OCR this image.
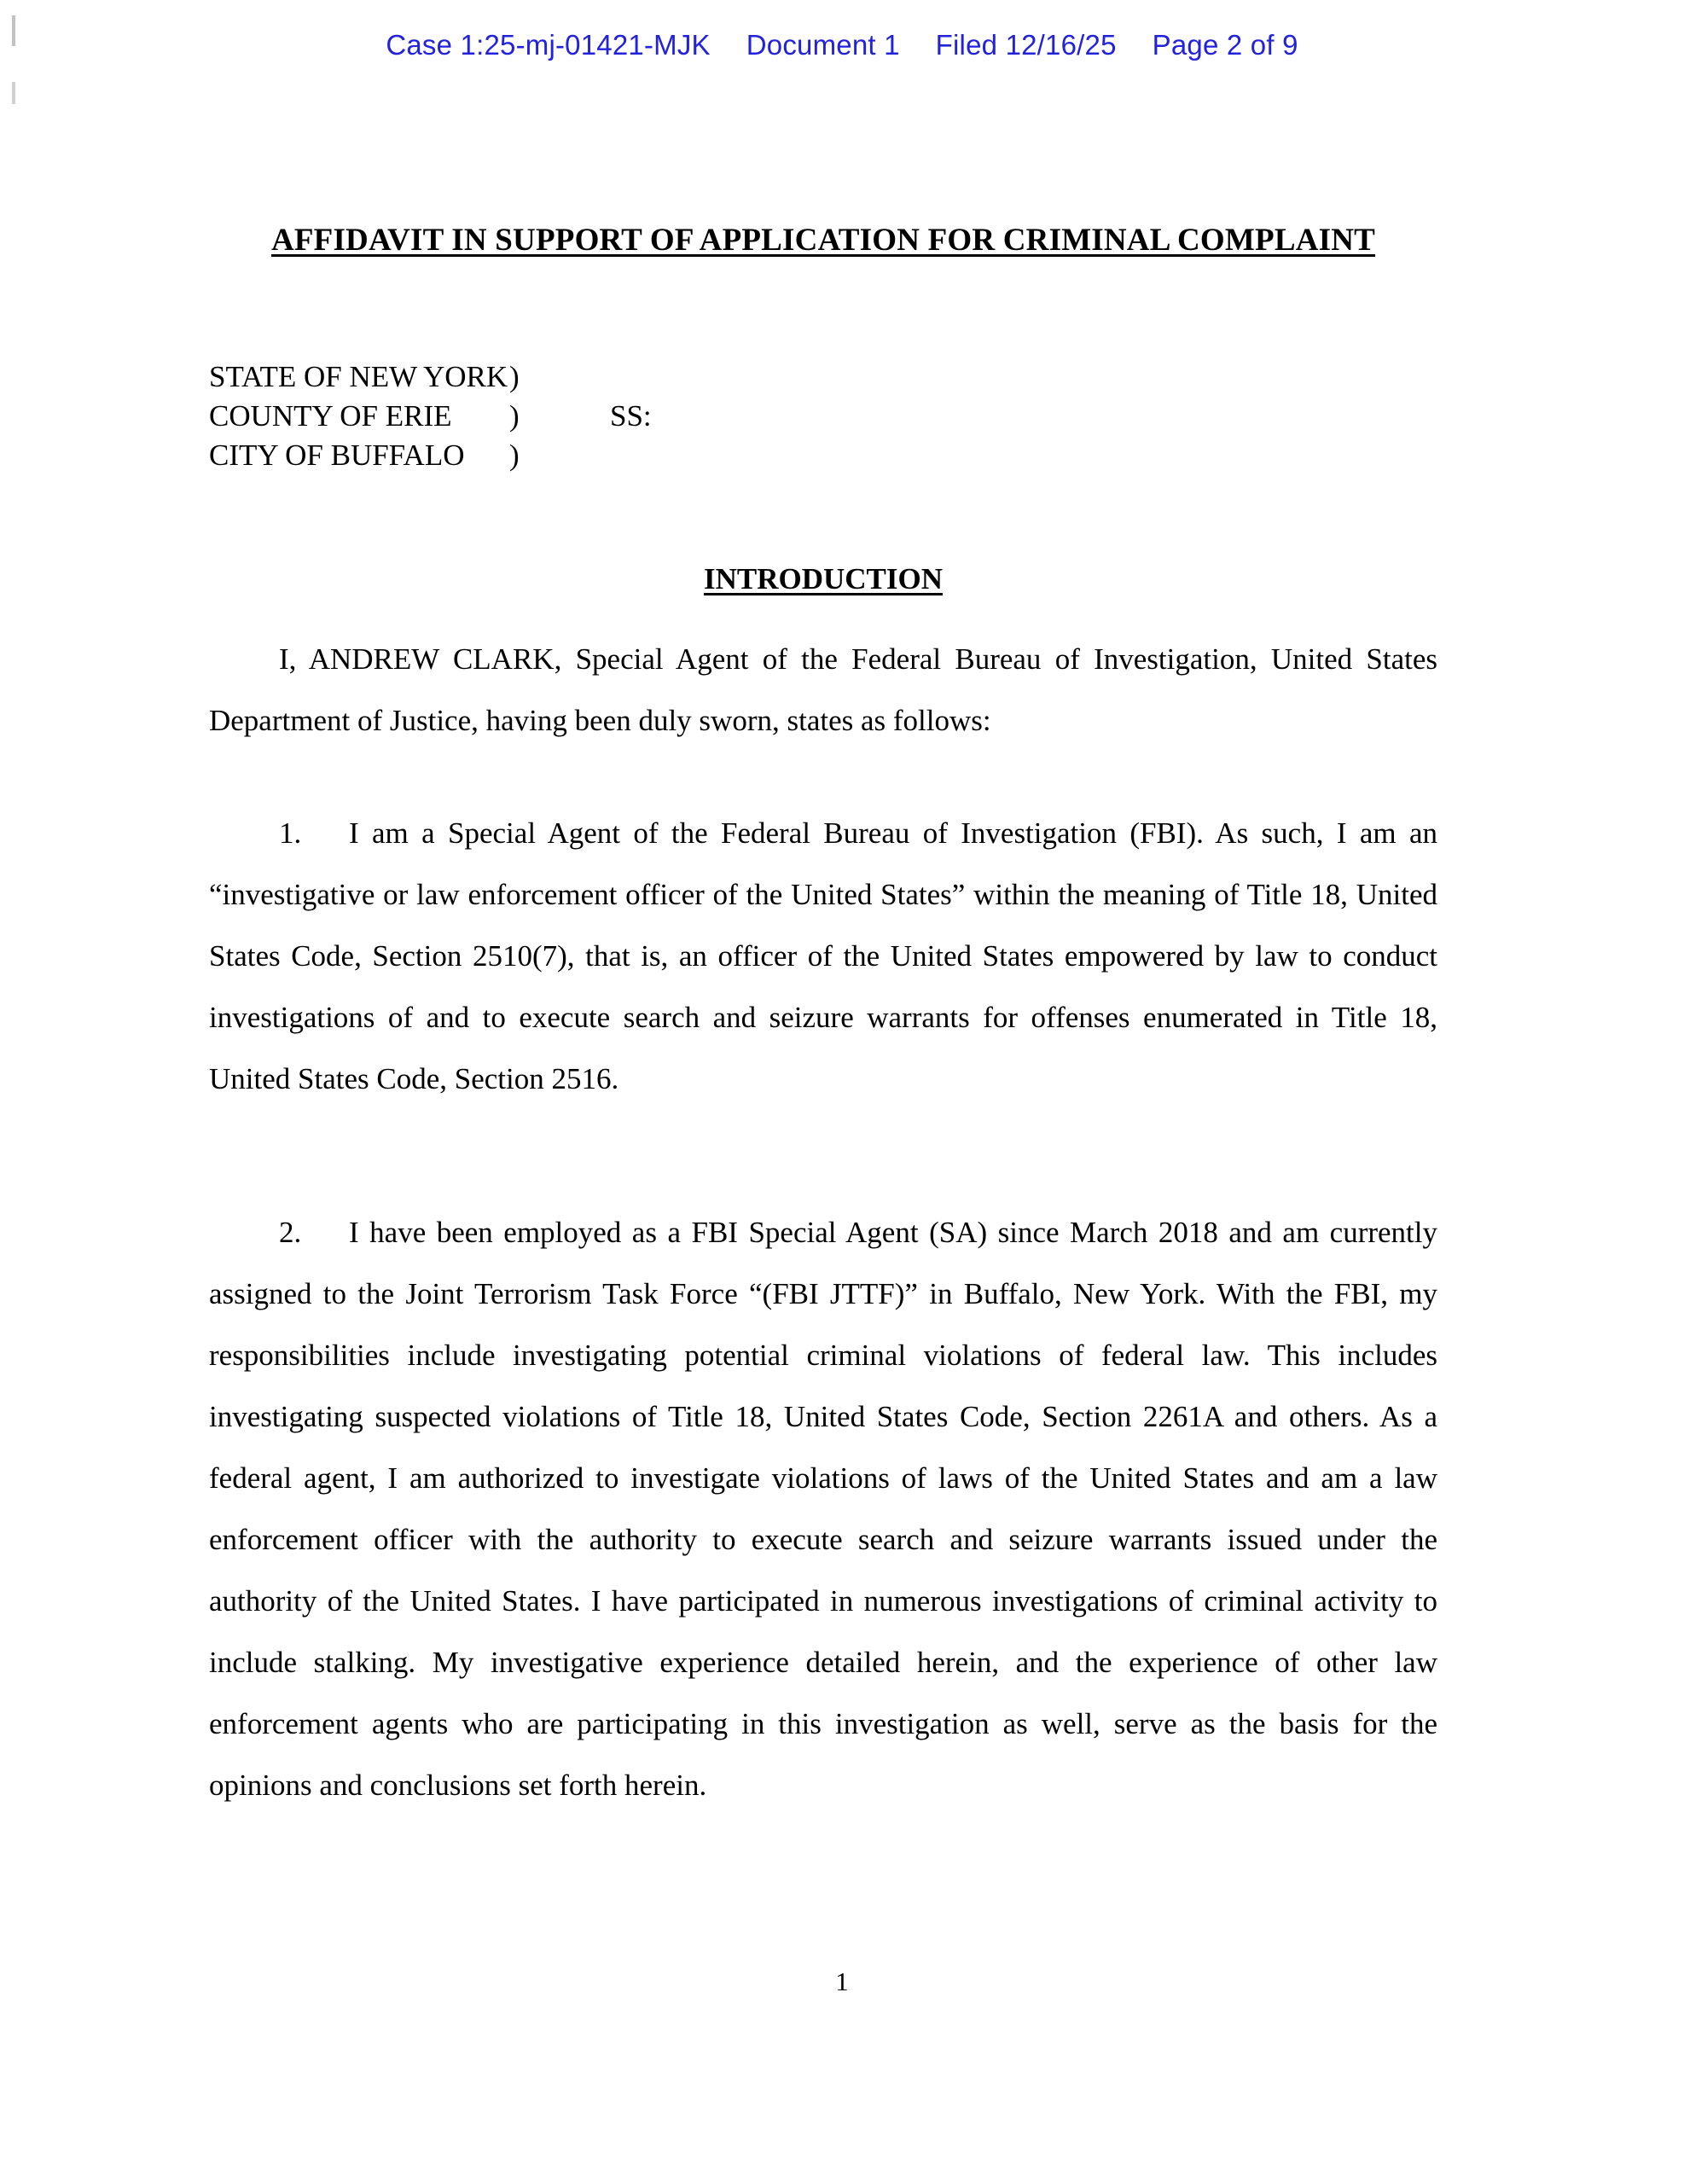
Case 1:25-mj-01421-MJK Document 1 Filed 12/16/25 Page 2 of 9
AFFIDAVIT IN SUPPORT OF APPLICATION FOR CRIMINAL COMPLAINT
STATE OF NEW YORK )
COUNTY OF ERIE	)	SS:
CITY OF BUFFALO	)
INTRODUCTION

I, ANDREW CLARK, Special Agent of the Federal Bureau of Investigation, United States Department of Justice, having been duly sworn, states as follows:

1. I am a Special Agent of the Federal Bureau of Investigation (FBI). As such, I am an “investigative or law enforcement officer of the United States” within the meaning of Title 18, United States Code, Section 2510(7), that is, an officer of the United States empowered by law to conduct investigations of and to execute search and seizure warrants for offenses enumerated in Title 18, United States Code, Section 2516.

2. I have been employed as a FBI Special Agent (SA) since March 2018 and am currently assigned to the Joint Terrorism Task Force “(FBI JTTF)” in Buffalo, New York. With the FBI, my responsibilities include investigating potential criminal violations of federal law. This includes investigating suspected violations of Title 18, United States Code, Section 2261A and others. As a federal agent, I am authorized to investigate violations of laws of the United States and am a law enforcement officer with the authority to execute search and seizure warrants issued under the authority of the United States. I have participated in numerous investigations of criminal activity to include stalking. My investigative experience detailed herein, and the experience of other law enforcement agents who are participating in this investigation as well, serve as the basis for the opinions and conclusions set forth herein.

1
